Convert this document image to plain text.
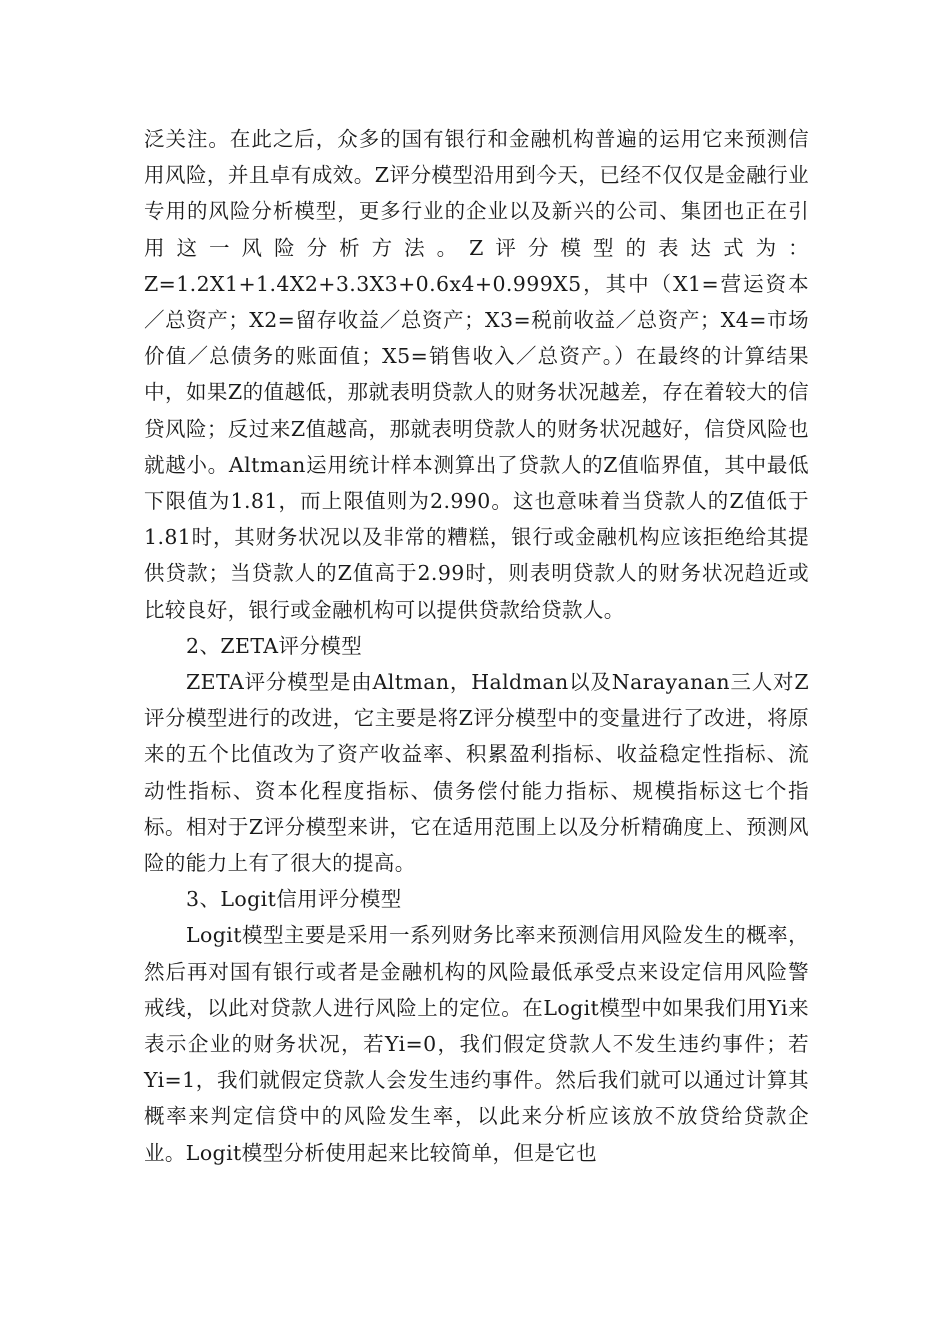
泛关注。在此之后，众多的国有银行和金融机构普遍的运用它来预测信用风险，并且卓有成效。Z评分模型沿用到今天，已经不仅仅是金融行业专用的风险分析模型，更多行业的企业以及新兴的公司、集团也正在引用这一风险分析方法。Z评分模型的表达式为：Z=1.2X1+1.4X2+3.3X3+0.6x4+0.999X5，其中（X1=营运资本／总资产；X2=留存收益／总资产；X3=税前收益／总资产；X4=市场价值／总债务的账面值；X5=销售收入／总资产。）在最终的计算结果中，如果Z的值越低，那就表明贷款人的财务状况越差，存在着较大的信贷风险；反过来Z值越高，那就表明贷款人的财务状况越好，信贷风险也就越小。Altman运用统计样本测算出了贷款人的Z值临界值，其中最低下限值为1.81，而上限值则为2.990。这也意味着当贷款人的Z值低于1.81时，其财务状况以及非常的糟糕，银行或金融机构应该拒绝给其提供贷款；当贷款人的Z值高于2.99时，则表明贷款人的财务状况趋近或比较良好，银行或金融机构可以提供贷款给贷款人。

2、ZETA评分模型

ZETA评分模型是由Altman，Haldman以及Narayanan三人对Z评分模型进行的改进，它主要是将Z评分模型中的变量进行了改进，将原来的五个比值改为了资产收益率、积累盈利指标、收益稳定性指标、流动性指标、资本化程度指标、债务偿付能力指标、规模指标这七个指标。相对于Z评分模型来讲，它在适用范围上以及分析精确度上、预测风险的能力上有了很大的提高。

3、Logit信用评分模型

Logit模型主要是采用一系列财务比率来预测信用风险发生的概率，然后再对国有银行或者是金融机构的风险最低承受点来设定信用风险警戒线，以此对贷款人进行风险上的定位。在Logit模型中如果我们用Yi来表示企业的财务状况，若Yi=0，我们假定贷款人不发生违约事件；若Yi=1，我们就假定贷款人会发生违约事件。然后我们就可以通过计算其概率来判定信贷中的风险发生率，以此来分析应该放不放贷给贷款企业。Logit模型分析使用起来比较简单，但是它也
